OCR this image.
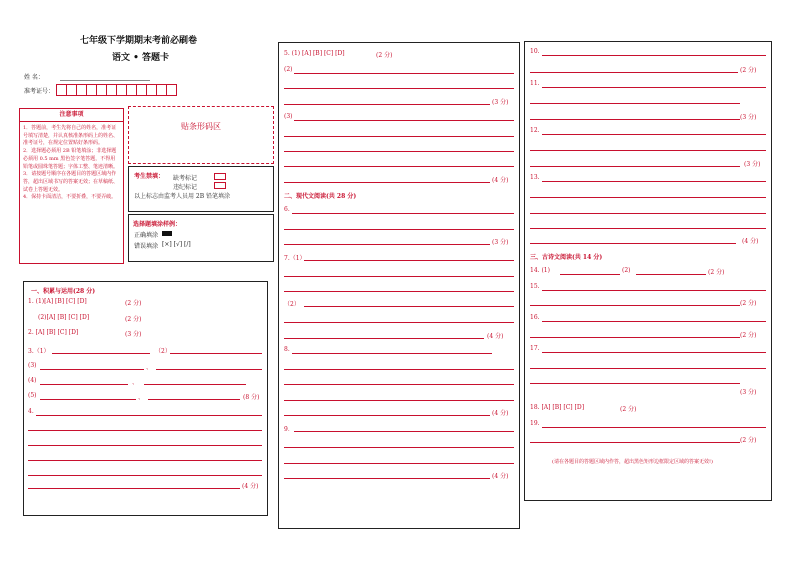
七年级下学期期末考前必刷卷
语文 • 答题卡
姓 名：
准考证号：
注意事项
1．答题前，考生先将自己的姓名，准考证号填写清楚，并认真核准条形码上的姓名、准考证号，在规定位置贴好条形码。
2．选择题必须用 2B 铅笔填涂；非选择题必须用 0.5 mm 黑色签字笔答题，不得用铅笔或圆珠笔答题；字体工整、笔迹清晰。
3．请按题号顺序在各题目的答题区域内作答，超出区域书写的答案无效；在草稿纸、试卷上答题无效。
4．保持卡面清洁，不要折叠，不要弄破。
贴条形码区
考生禁填： 缺考标记
违纪标记
以上标志由监考人员用 2B 铅笔填涂
选择题填涂样例：
正确填涂
错误填涂 [×] [√] [/]
一、积累与运用(28 分)
1. (1)[A] [B] [C] [D]	(2 分)
(2)[A] [B] [C] [D]	(2 分)
2. [A] [B] [C] [D]	(3 分)
3.（1）	（2）
(3)	、
(4)	、
(5)	、	(8 分)
4.
(4 分)
5. (1) [A] [B] [C] [D]	(2 分)
(2)
(3 分)
(3)
(4 分)
二、现代文阅读(共 28 分)
6.
(3 分)
7.（1）
（2）
(4 分)
8.
(4 分)
9．
(4 分)
10.
(2 分)
11.
(3 分)
12.
(3 分)
13.
(4 分)
三、古诗文阅读(共 14 分)
14. (1)	(2)	(2 分)
15.
(2 分)
16.
(2 分)
17.
(3 分)
18. [A] [B] [C] [D]	(2 分)
19.
(2 分)
(请在各题目的答题区域内作答，超出黑色矩形边框限定区域的答案无效!)
